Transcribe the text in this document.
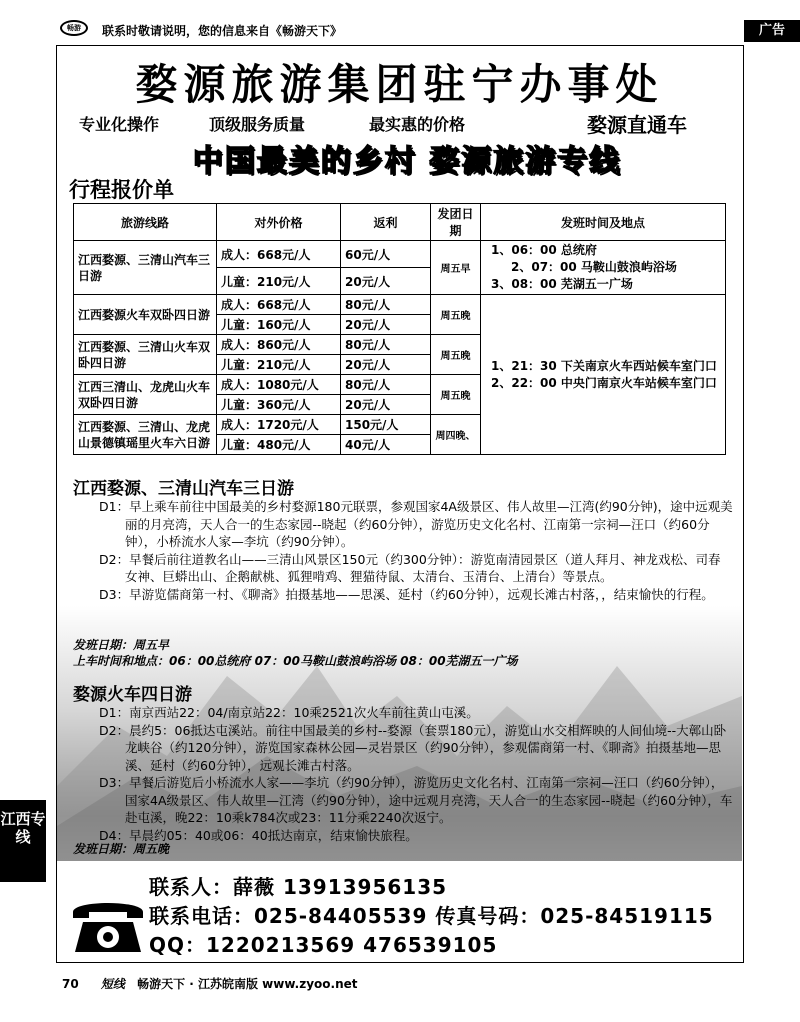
畅游	联系时敬请说明，您的信息来自《畅游天下》	广告
婺源旅游集团驻宁办事处
专业化操作	顶级服务质量	最实惠的价格	婺源直通车
中国最美的乡村 婺源旅游专线
行程报价单
旅游线路	对外价格	返利	发团日期	发班时间及地点
江西婺源、三清山汽车三日游	成人：668元/人	60元/人	周五早	1、06：00 总统府
2、07：00 马鞍山鼓浪屿浴场
3、08：00 芜湖五一广场

	儿童：210元/人	20元/人		
江西婺源火车双卧四日游	成人：668元/人	80元/人	周五晚	1、21：30 下关南京火车西站候车室门口
2、22：00 中央门南京火车站候车室门口

	儿童：160元/人	20元/人		
江西婺源、三清山火车双卧四日游	成人：860元/人	80元/人	周五晚	
	儿童：210元/人	20元/人		
江西三清山、龙虎山火车双卧四日游	成人：1080元/人	80元/人	周五晚	
	儿童：360元/人	20元/人		
江西婺源、三清山、龙虎山景德镇瑶里火车六日游	成人：1720元/人	150元/人	周四晚、	
	儿童：480元/人	40元/人		
江西婺源、三清山汽车三日游

D1：早上乘车前往中国最美的乡村婺源180元联票，参观国家4A级景区、伟人故里—江湾(约90分钟)，途中远观美丽的月亮湾，天人合一的生态家园--晓起（约60分钟），游览历史文化名村、江南第一宗祠—汪口（约60分钟），小桥流水人家—李坑（约90分钟）。

D2：早餐后前往道教名山——三清山风景区150元（约300分钟）：游览南清园景区（道人拜月、神龙戏松、司春女神、巨蟒出山、企鹅献桃、狐狸啃鸡、狸猫待鼠、太清台、玉清台、上清台）等景点。

D3：早游览儒商第一村、《聊斋》拍摄基地——思溪、延村（约60分钟），远观长滩古村落，，结束愉快的行程。

发班日期：周五早
上车时间和地点：06：00总统府 07：00马鞍山鼓浪屿浴场 08：00芜湖五一广场
婺源火车四日游

D1：南京西站22：04/南京站22：10乘2521次火车前往黄山屯溪。

D2：晨约5：06抵达屯溪站。前往中国最美的乡村--婺源（套票180元），游览山水交相辉映的人间仙境--大鄣山卧龙峡谷（约120分钟），游览国家森林公园—灵岩景区（约90分钟），参观儒商第一村、《聊斋》拍摄基地—思溪、延村（约60分钟），远观长滩古村落。

D3：早餐后游览后小桥流水人家——李坑（约90分钟），游览历史文化名村、江南第一宗祠—汪口（约60分钟），国家4A级景区、伟人故里—江湾（约90分钟），途中远观月亮湾，天人合一的生态家园--晓起（约60分钟），车赴屯溪，晚22：10乘k784次或23：11分乘2240次返宁。

D4：早晨约05：40或06：40抵达南京，结束愉快旅程。

发班日期：周五晚
联系人：薛薇 13913956135
联系电话：025-84405539 传真号码：025-84519115
QQ：1220213569 476539105
江西专线
70 短线 畅游天下 · 江苏皖南版 www.zyoo.net
